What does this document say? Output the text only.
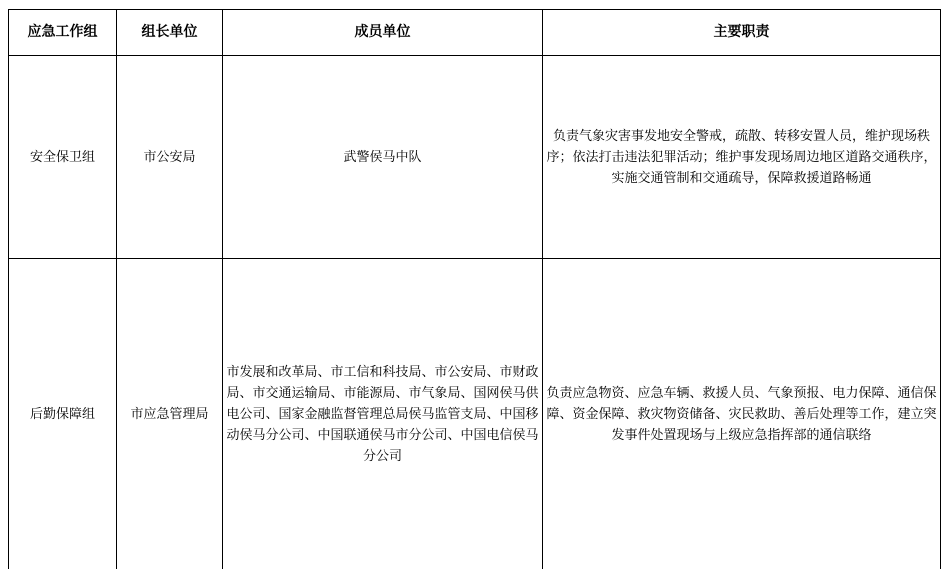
应急工作组	组长单位	成员单位	主要职责
安全保卫组	市公安局	武警侯马中队	负责气象灾害事发地安全警戒，疏散、转移安置人员，维护现场秩序；依法打击违法犯罪活动；维护事发现场周边地区道路交通秩序，实施交通管制和交通疏导，保障救援道路畅通
后勤保障组	市应急管理局	市发展和改革局、市工信和科技局、市公安局、市财政局、市交通运输局、市能源局、市气象局、国网侯马供电公司、国家金融监督管理总局侯马监管支局、中国移动侯马分公司、中国联通侯马市分公司、中国电信侯马分公司	负责应急物资、应急车辆、救援人员、气象预报、电力保障、通信保障、资金保障、救灾物资储备、灾民救助、善后处理等工作，建立突发事件处置现场与上级应急指挥部的通信联络
